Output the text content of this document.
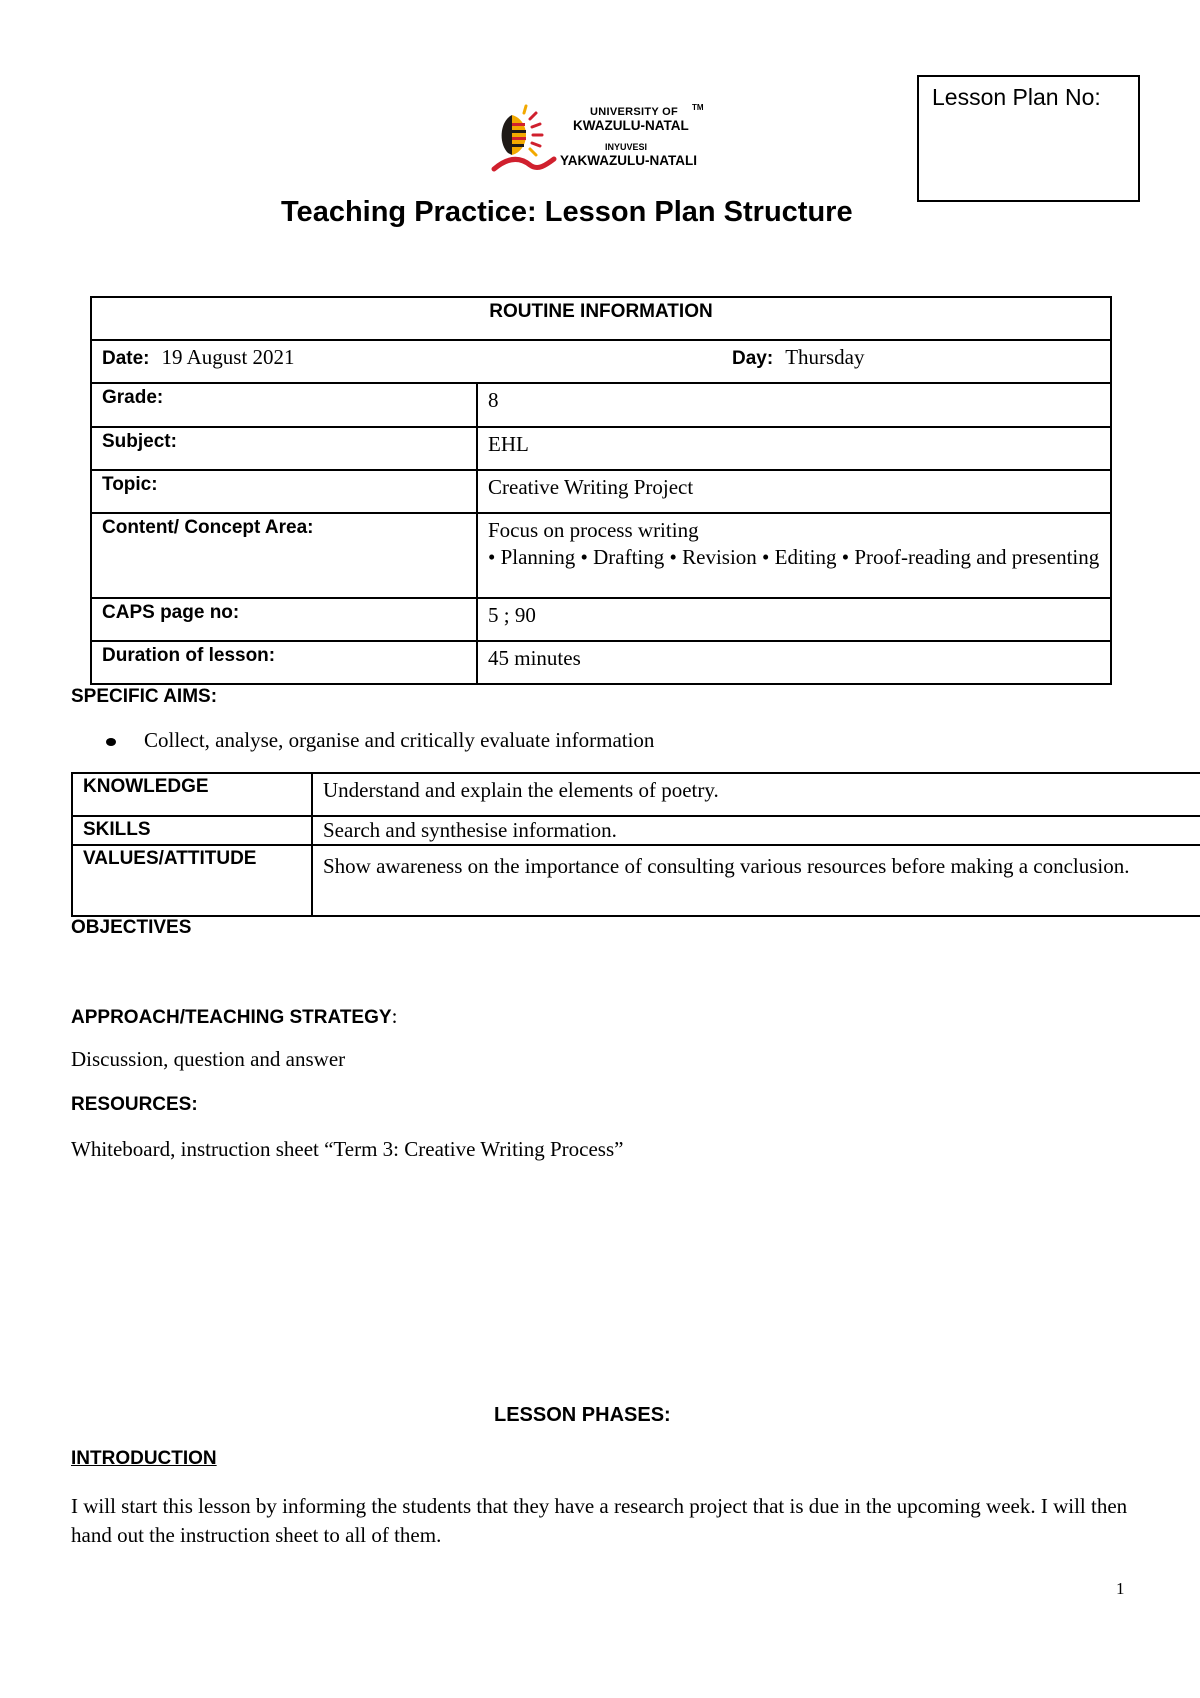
Lesson Plan No:
UNIVERSITY OF TM
KWAZULU-NATAL
INYUVESI
YAKWAZULU-NATALI
Teaching Practice: Lesson Plan Structure
ROUTINE INFORMATION	
Date: 19 August 2021 Day: Thursday	

Grade:	8
Subject:	EHL
Topic:	Creative Writing Project
Content/ Concept Area:	Focus on process writing
• Planning • Drafting • Revision • Editing • Proof-reading and presenting

CAPS page no:	5 ; 90
Duration of lesson:	45 minutes
SPECIFIC AIMS:
Collect, analyse, organise and critically evaluate information
KNOWLEDGE	Understand and explain the elements of poetry.
SKILLS	Search and synthesise information.
VALUES/ATTITUDE	Show awareness on the importance of consulting various resources before making a conclusion.
OBJECTIVES
APPROACH/TEACHING STRATEGY:
Discussion, question and answer
RESOURCES:
Whiteboard, instruction sheet “Term 3: Creative Writing Process”
LESSON PHASES:
INTRODUCTION
I will start this lesson by informing the students that they have a research project that is due in the upcoming week. I will then hand out the instruction sheet to all of them.
1
